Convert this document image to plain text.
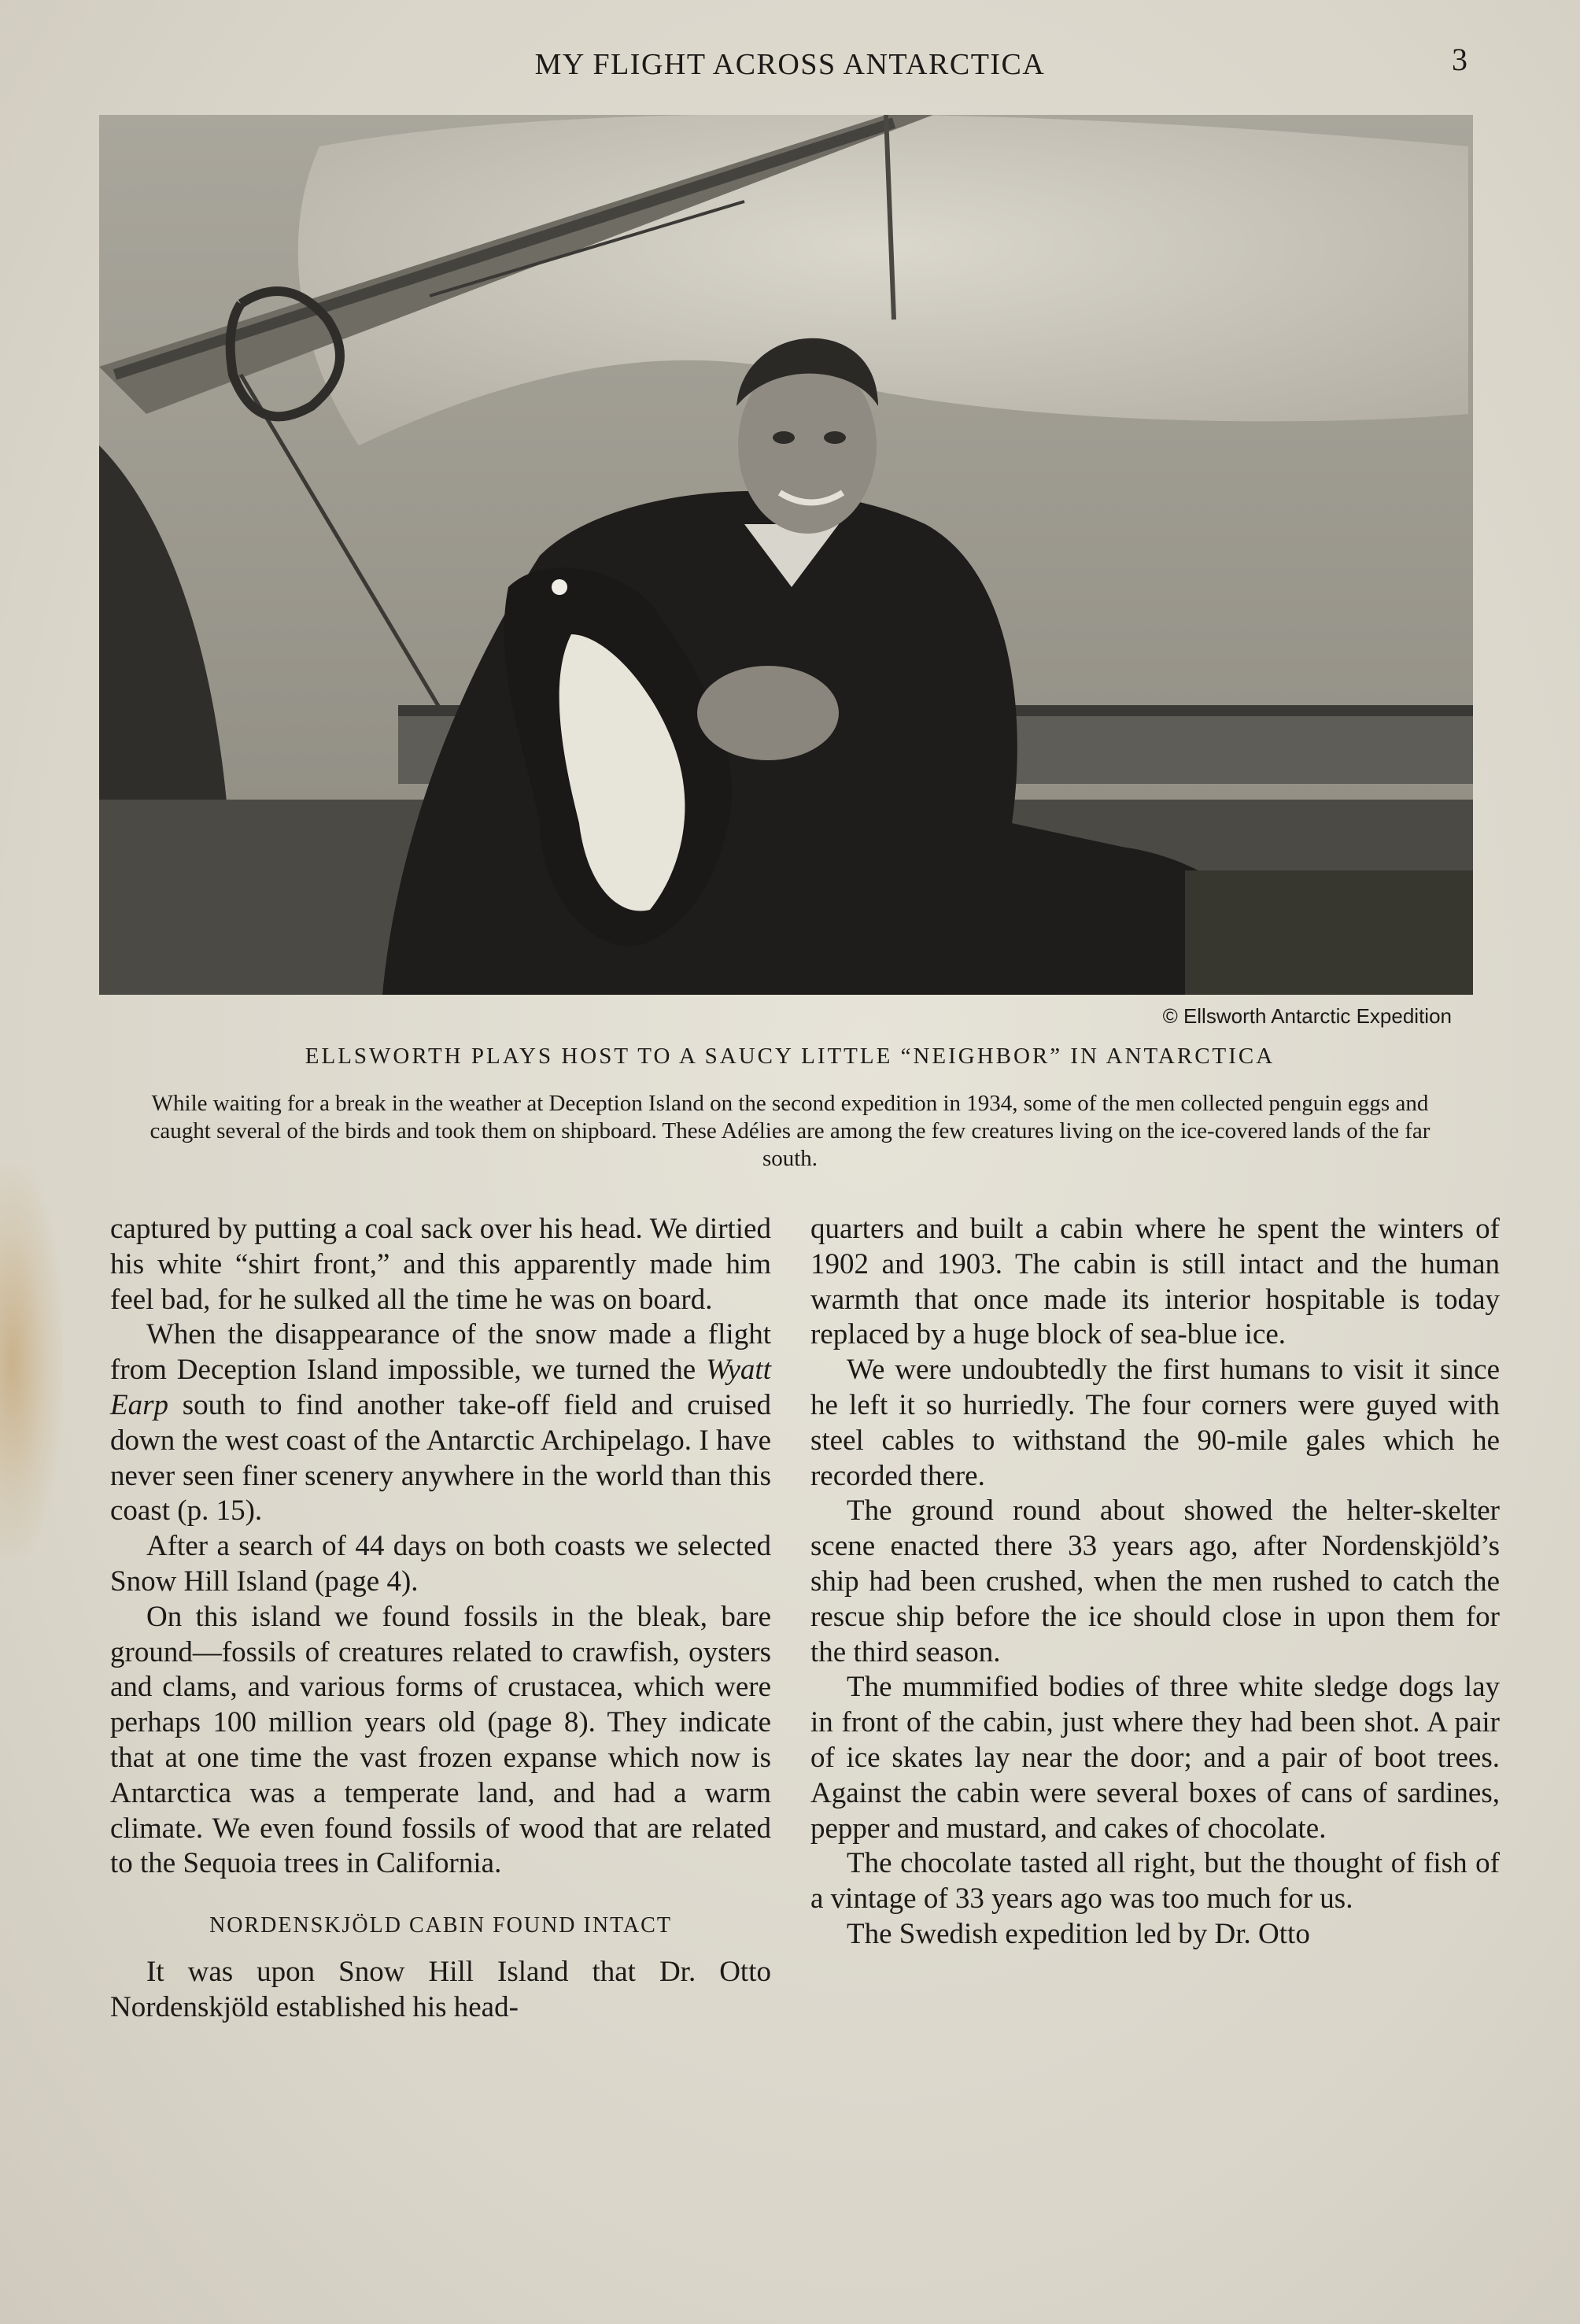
MY FLIGHT ACROSS ANTARCTICA	3
© Ellsworth Antarctic Expedition
ELLSWORTH PLAYS HOST TO A SAUCY LITTLE “NEIGHBOR” IN ANTARCTICA
While waiting for a break in the weather at Deception Island on the second expedition in 1934, some of the men collected penguin eggs and caught several of the birds and took them on shipboard. These Adélies are among the few creatures living on the ice-covered lands of the far south.

captured by putting a coal sack over his head. We dirtied his white “shirt front,” and this apparently made him feel bad, for he sulked all the time he was on board.

When the disappearance of the snow made a flight from Deception Island impossible, we turned the Wyatt Earp south to find another take-off field and cruised down the west coast of the Antarctic Archipelago. I have never seen finer scenery anywhere in the world than this coast (p. 15).

After a search of 44 days on both coasts we selected Snow Hill Island (page 4).

On this island we found fossils in the bleak, bare ground—fossils of creatures related to crawfish, oysters and clams, and various forms of crustacea, which were perhaps 100 million years old (page 8). They indicate that at one time the vast frozen expanse which now is Antarctica was a temperate land, and had a warm climate. We even found fossils of wood that are related to the Sequoia trees in California.

NORDENSKJÖLD CABIN FOUND INTACT

It was upon Snow Hill Island that Dr. Otto Nordenskjöld established his head-

quarters and built a cabin where he spent the winters of 1902 and 1903. The cabin is still intact and the human warmth that once made its interior hospitable is today replaced by a huge block of sea-blue ice.

We were undoubtedly the first humans to visit it since he left it so hurriedly. The four corners were guyed with steel cables to withstand the 90-mile gales which he recorded there.

The ground round about showed the helter-skelter scene enacted there 33 years ago, after Nordenskjöld’s ship had been crushed, when the men rushed to catch the rescue ship before the ice should close in upon them for the third season.

The mummified bodies of three white sledge dogs lay in front of the cabin, just where they had been shot. A pair of ice skates lay near the door; and a pair of boot trees. Against the cabin were several boxes of cans of sardines, pepper and mustard, and cakes of chocolate.

The chocolate tasted all right, but the thought of fish of a vintage of 33 years ago was too much for us.

The Swedish expedition led by Dr. Otto
